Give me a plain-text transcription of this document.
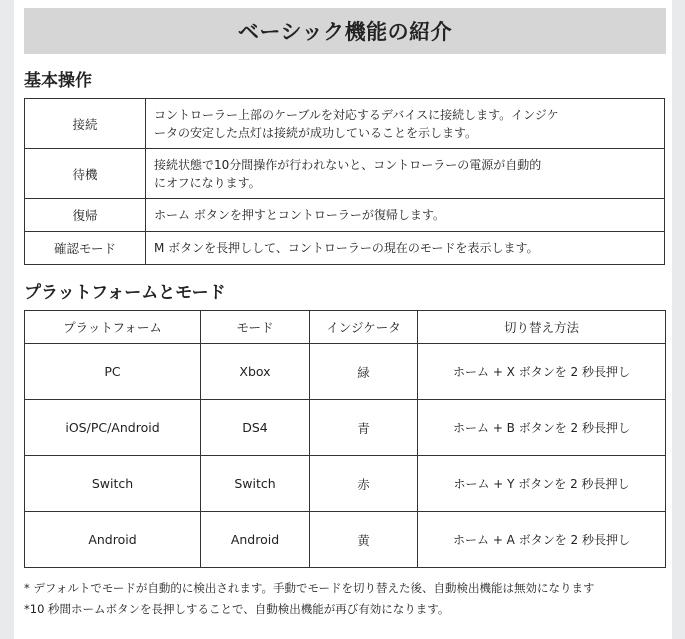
ベーシック機能の紹介
基本操作
接続	コントローラー上部のケーブルを対応するデバイスに接続します。インジケ
ータの安定した点灯は接続が成功していることを示します。

待機	接続状態で10分間操作が行われないと、コントローラーの電源が自動的
にオフになります。

復帰	ホーム ボタンを押すとコントローラーが復帰します。

確認モード	M ボタンを長押しして、コントローラーの現在のモードを表示します。
プラットフォームとモード
プラットフォーム	モード	インジケータ	切り替え方法
PC	Xbox	緑	ホーム + X ボタンを 2 秒長押し
iOS/PC/Android	DS4	青	ホーム + B ボタンを 2 秒長押し
Switch	Switch	赤	ホーム + Y ボタンを 2 秒長押し
Android	Android	黄	ホーム + A ボタンを 2 秒長押し
* デフォルトでモードが自動的に検出されます。手動でモードを切り替えた後、自動検出機能は無効になります
*10 秒間ホームボタンを長押しすることで、自動検出機能が再び有効になります。
